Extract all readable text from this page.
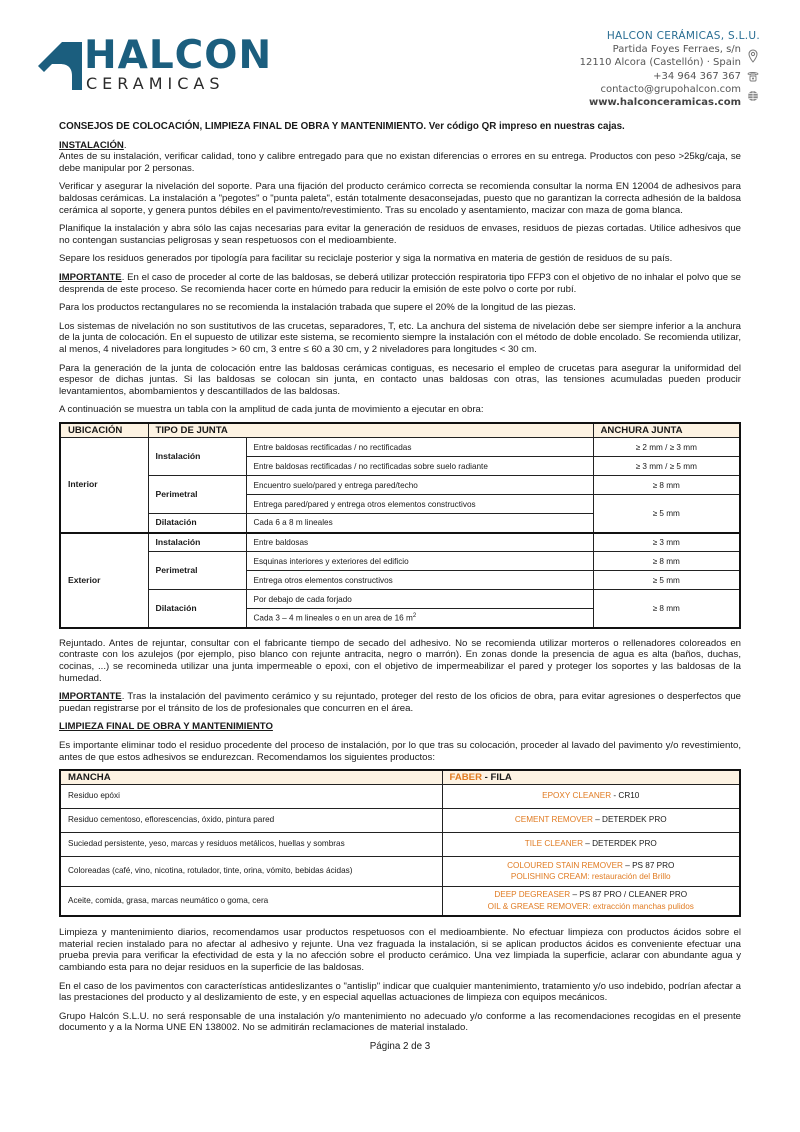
HALCON
CERAMICAS
HALCON CERÁMICAS, S.L.U.
Partida Foyes Ferraes, s/n
12110 Alcora (Castellón) · Spain
+34 964 367 367
contacto@grupohalcon.com
www.halconceramicas.com
CONSEJOS DE COLOCACIÓN, LIMPIEZA FINAL DE OBRA Y MANTENIMIENTO. Ver código QR impreso en nuestras cajas.
INSTALACIÓN.

Antes de su instalación, verificar calidad, tono y calibre entregado para que no existan diferencias o errores en su entrega. Productos con peso >25kg/caja, se debe manipular por 2 personas.

Verificar y asegurar la nivelación del soporte. Para una fijación del producto cerámico correcta se recomienda consultar la norma EN 12004 de adhesivos para baldosas cerámicas. La instalación a "pegotes" o "punta paleta", están totalmente desaconsejadas, puesto que no garantizan la correcta adhesión de la baldosa cerámica al soporte, y genera puntos débiles en el pavimento/revestimiento. Tras su encolado y asentamiento, macizar con maza de goma blanca.

Planifique la instalación y abra sólo las cajas necesarias para evitar la generación de residuos de envases, residuos de piezas cortadas. Utilice adhesivos que no contengan sustancias peligrosas y sean respetuosos con el medioambiente.

Separe los residuos generados por tipología para facilitar su reciclaje posterior y siga la normativa en materia de gestión de residuos de su país.

IMPORTANTE. En el caso de proceder al corte de las baldosas, se deberá utilizar protección respiratoria tipo FFP3 con el objetivo de no inhalar el polvo que se desprenda de este proceso. Se recomienda hacer corte en húmedo para reducir la emisión de este polvo o corte por rubí.

Para los productos rectangulares no se recomienda la instalación trabada que supere el 20% de la longitud de las piezas.

Los sistemas de nivelación no son sustitutivos de las crucetas, separadores, T, etc. La anchura del sistema de nivelación debe ser siempre inferior a la anchura de la junta de colocación. En el supuesto de utilizar este sistema, se recomiento siempre la instalación con el método de doble encolado. Se recomienda utilizar, al menos, 4 niveladores para longitudes > 60 cm, 3 entre ≤ 60 a 30 cm, y 2 niveladores para longitudes < 30 cm.

Para la generación de la junta de colocación entre las baldosas cerámicas contiguas, es necesario el empleo de crucetas para asegurar la uniformidad del espesor de dichas juntas. Si las baldosas se colocan sin junta, en contacto unas baldosas con otras, las tensiones acumuladas pueden producir levantamientos, abombamientos y descantillados de las baldosas.

A continuación se muestra un tabla con la amplitud de cada junta de movimiento a ejecutar en obra:

UBICACIÓN	TIPO DE JUNTA		ANCHURA JUNTA
Interior	Instalación	Entre baldosas rectificadas / no rectificadas	≥ 2 mm / ≥ 3 mm
		Entre baldosas rectificadas / no rectificadas sobre suelo radiante	≥ 3 mm / ≥ 5 mm
	Perimetral	Encuentro suelo/pared y entrega pared/techo	≥ 8 mm
		Entrega pared/pared y entrega otros elementos constructivos	≥ 5 mm
	Dilatación	Cada 6 a 8 m lineales	
Exterior	Instalación	Entre baldosas	≥ 3 mm
	Perimetral	Esquinas interiores y exteriores del edificio	≥ 8 mm
		Entrega otros elementos constructivos	≥ 5 mm
	Dilatación	Por debajo de cada forjado	≥ 8 mm
		Cada 3 – 4 m lineales o en un area de 16 $m^2$

Rejuntado. Antes de rejuntar, consultar con el fabricante tiempo de secado del adhesivo. No se recomienda utilizar morteros o rellenadores coloreados en contraste con los azulejos (por ejemplo, piso blanco con rejunte antracita, negro o marrón). En zonas donde la presencia de agua es alta (baños, duchas, cocinas, ...) se recomineda utilizar una junta impermeable o epoxi, con el objetivo de impermeabilizar el pared y proteger los soportes y las baldosas de la humedad.

IMPORTANTE. Tras la instalación del pavimento cerámico y su rejuntado, proteger del resto de los oficios de obra, para evitar agresiones o desperfectos que puedan registrarse por el tránsito de los de profesionales que concurren en el área.

LIMPIEZA FINAL DE OBRA Y MANTENIMIENTO

Es importante eliminar todo el residuo procedente del proceso de instalación, por lo que tras su colocación, proceder al lavado del pavimento y/o revestimiento, antes de que estos adhesivos se endurezcan. Recomendamos los siguientes productos:

MANCHA	FABER - FILA
Residuo epóxi	EPOXY CLEANER - CR10
Residuo cementoso, eflorescencias, óxido, pintura pared	CEMENT REMOVER – DETERDEK PRO
Suciedad persistente, yeso, marcas y residuos metálicos, huellas y sombras	TILE CLEANER – DETERDEK PRO
Coloreadas (café, vino, nicotina, rotulador, tinte, orina, vómito, bebidas ácidas)	COLOURED STAIN REMOVER – PS 87 PRO
POLISHING CREAM: restauración del Brillo

Aceite, comida, grasa, marcas neumático o goma, cera	DEEP DEGREASER – PS 87 PRO / CLEANER PRO
OIL & GREASE REMOVER: extracción manchas pulidos

Limpieza y mantenimiento diarios, recomendamos usar productos respetuosos con el medioambiente. No efectuar limpieza con productos ácidos sobre el material recien instalado para no afectar al adhesivo y rejunte. Una vez fraguada la instalación, si se aplican productos ácidos es conveniente efectuar una prueba previa para verificar la efectividad de esta y la no afección sobre el producto cerámico. Una vez limpiada la superficie, aclarar con abundante agua y cambiando esta para no dejar residuos en la superficie de las baldosas.

En el caso de los pavimentos con características antideslizantes o "antislip" indicar que cualquier mantenimiento, tratamiento y/o uso indebido, podrían afectar a las prestaciones del producto y al deslizamiento de este, y en especial aquellas actuaciones de limpieza con equipos mecánicos.

Grupo Halcón S.L.U. no será responsable de una instalación y/o mantenimiento no adecuado y/o conforme a las recomendaciones recogidas en el presente documento y a la Norma UNE EN 138002. No se admitirán reclamaciones de material instalado.

Página 2 de 3
